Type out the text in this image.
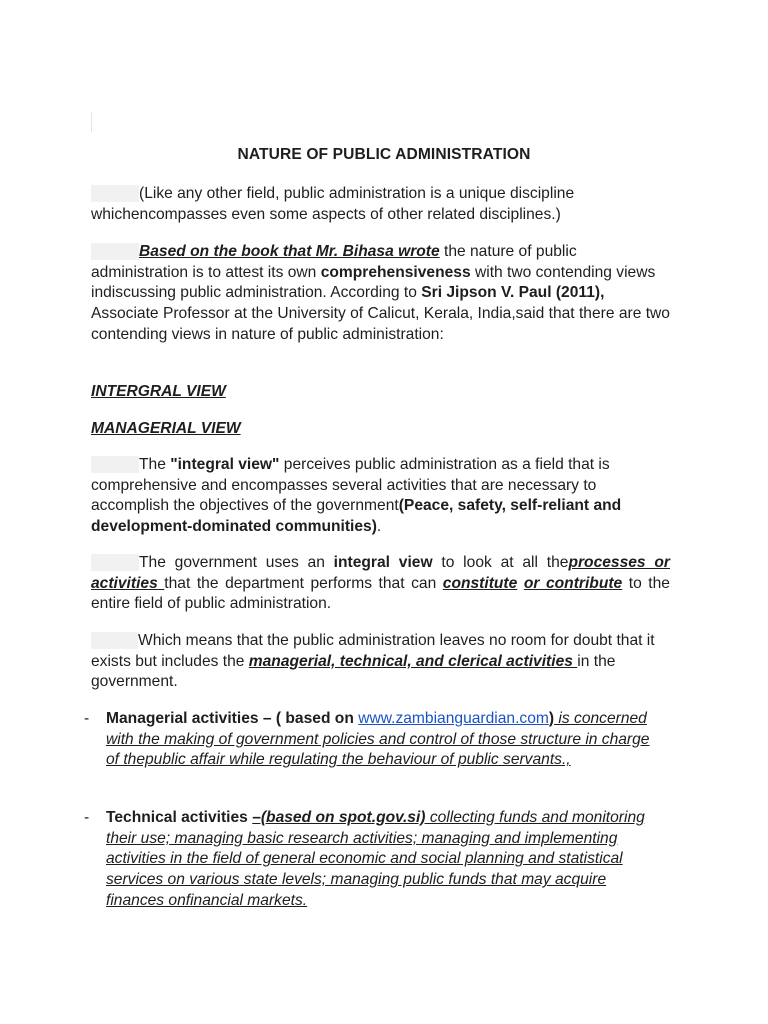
NATURE OF PUBLIC ADMINISTRATION

(Like any other field, public administration is a unique discipline whichencompasses even some aspects of other related disciplines.)

Based on the book that Mr. Bihasa wrote the nature of public administration is to attest its own comprehensiveness with two contending views indiscussing public administration. According to Sri Jipson V. Paul (2011), Associate Professor at the University of Calicut, Kerala, India,said that there are two contending views in nature of public administration:

INTERGRAL VIEW
MANAGERIAL VIEW

The "integral view" perceives public administration as a field that is comprehensive and encompasses several activities that are necessary to accomplish the objectives of the government(Peace, safety, self-reliant and development-dominated communities).

The government uses an integral view to look at all theprocesses or activities that the department performs that can constitute or contribute to the entire field of public administration.

Which means that the public administration leaves no room for doubt that it exists but includes the managerial, technical, and clerical activities in the government.

- Managerial activities – ( based on www.zambianguardian.com) is concerned with the making of government policies and control of those structure in charge of thepublic affair while regulating the behaviour of public servants.,

- Technical activities –(based on spot.gov.si) collecting funds and monitoring their use; managing basic research activities; managing and implementing activities in the field of general economic and social planning and statistical services on various state levels; managing public funds that may acquire finances onfinancial markets.
